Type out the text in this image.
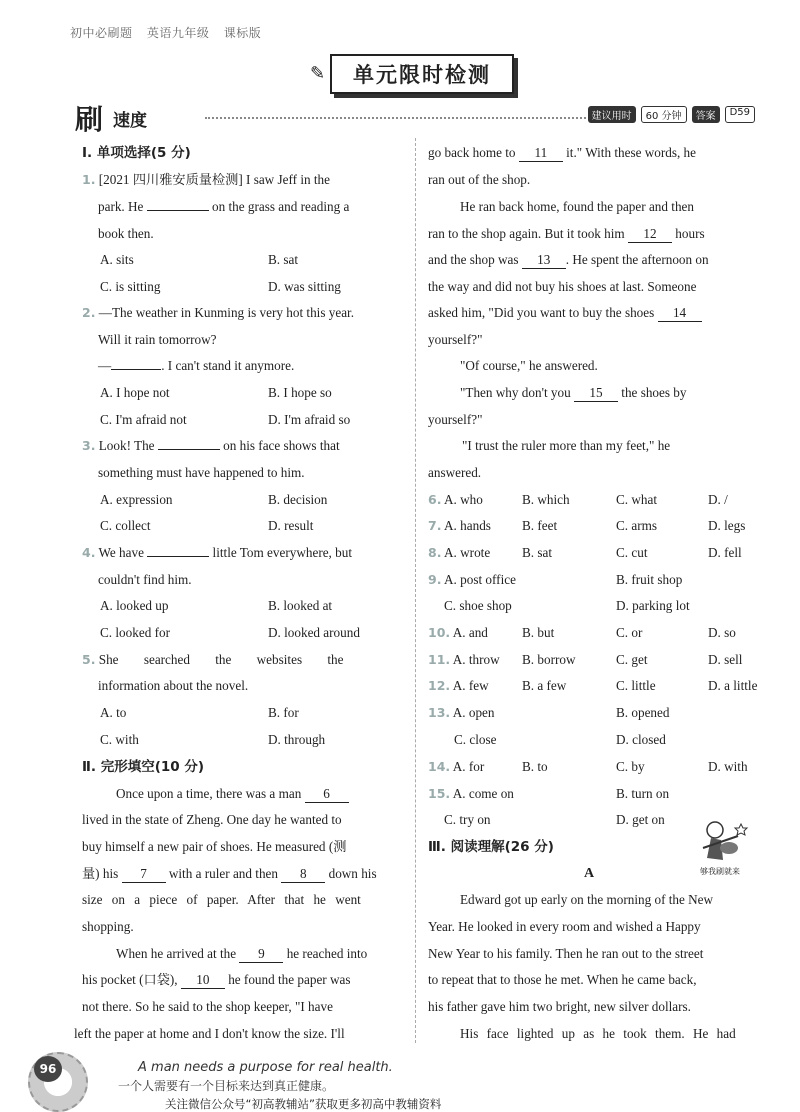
初中必刷题 英语九年级 课标版
✎	单元限时检测
刷 速度	建议用时	60 分钟	答案	D59
Ⅰ. 单项选择(5 分)
1. [2021 四川雅安质量检测] I saw Jeff in the
park. He	on the grass and reading a
book then.
A. sits	B. sat
C. is sitting	D. was sitting
2. —The weather in Kunming is very hot this year.
Will it rain tomorrow?
—	. I can't stand it anymore.
A. I hope not	B. I hope so
C. I'm afraid not	D. I'm afraid so
3. Look! The	on his face shows that
something must have happened to him.
A. expression	B. decision
C. collect	D. result
4. We have	little Tom everywhere, but
couldn't find him.
A. looked up	B. looked at
C. looked for	D. looked around
5. She searched the websites the
information about the novel.
A. to	B. for
C. with	D. through
Ⅱ. 完形填空(10 分)
Once upon a time, there was a man 6
lived in the state of Zheng. One day he wanted to
buy himself a new pair of shoes. He measured (测
量) his 7 with a ruler and then 8 down his
size on a piece of paper. After that he went
shopping.
When he arrived at the 9 he reached into
his pocket (口袋), 10 he found the paper was
not there. So he said to the shop keeper, "I have
left the paper at home and I don't know the size. I'll
go back home to 11 it." With these words, he
ran out of the shop.
He ran back home, found the paper and then
ran to the shop again. But it took him 12 hours
and the shop was 13 . He spent the afternoon on
the way and did not buy his shoes at last. Someone
asked him, "Did you want to buy the shoes 14
yourself?"
"Of course," he answered.
"Then why don't you 15 the shoes by
yourself?"
"I trust the ruler more than my feet," he
answered.
6. A. who	B. which	C. what	D. /
7. A. hands B. feet	C. arms	D. legs
8. A. wrote B. sat	C. cut	D. fell
9. A. post office	B. fruit shop
C. shoe shop	D. parking lot
10. A. and	B. but	C. or	D. so
11. A. throw B. borrow	C. get	D. sell
12. A. few	B. a few	C. little	D. a little
13. A. open	B. opened
C. close	D. closed
14. A. for	B. to	C. by	D. with
15. A. come on	B. turn on
C. try on	D. get on
Ⅲ. 阅读理解(26 分)
A
Edward got up early on the morning of the New
Year. He looked in every room and wished a Happy
New Year to his family. Then he ran out to the street
to repeat that to those he met. When he came back,
his father gave him two bright, new silver dollars.
His face lighted up as he took them. He had
够我刷就来
96	A man needs a purpose for real health.
一个人需要有一个目标来达到真正健康。
关注微信公众号“初高教辅站”获取更多初高中教辅资料
